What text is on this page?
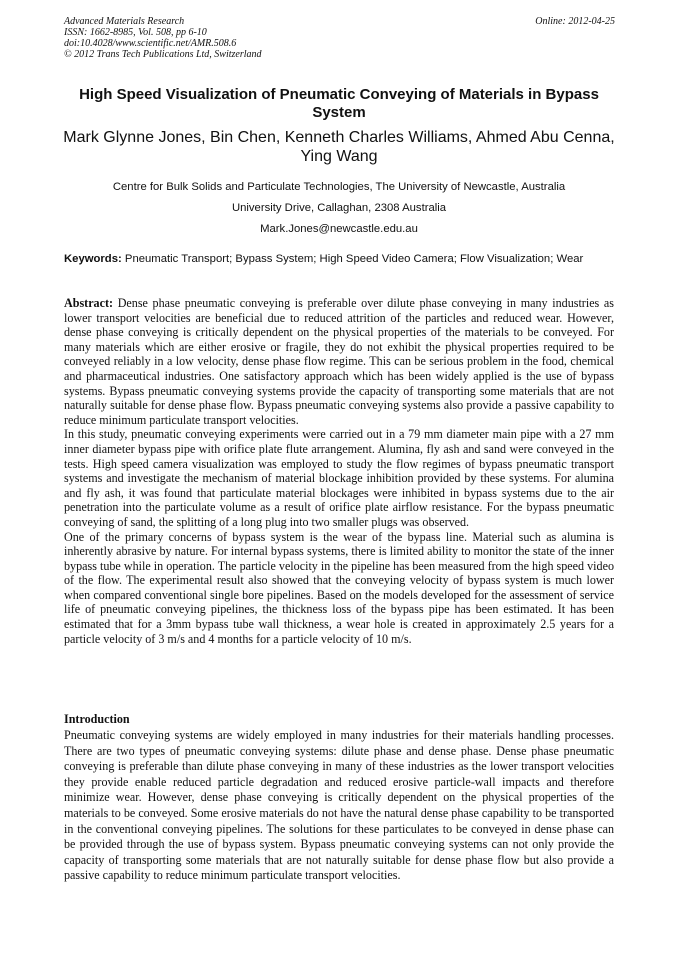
Advanced Materials Research
ISSN: 1662-8985, Vol. 508, pp 6-10
doi:10.4028/www.scientific.net/AMR.508.6
© 2012 Trans Tech Publications Ltd, Switzerland
Online: 2012-04-25
High Speed Visualization of Pneumatic Conveying of Materials in Bypass System
Mark Glynne Jones, Bin Chen, Kenneth Charles Williams, Ahmed Abu Cenna, Ying Wang
Centre for Bulk Solids and Particulate Technologies, The University of Newcastle, Australia
University Drive, Callaghan, 2308 Australia
Mark.Jones@newcastle.edu.au
Keywords: Pneumatic Transport; Bypass System; High Speed Video Camera; Flow Visualization; Wear

Abstract: Dense phase pneumatic conveying is preferable over dilute phase conveying in many industries as lower transport velocities are beneficial due to reduced attrition of the particles and reduced wear. However, dense phase conveying is critically dependent on the physical properties of the materials to be conveyed. For many materials which are either erosive or fragile, they do not exhibit the physical properties required to be conveyed reliably in a low velocity, dense phase flow regime. This can be serious problem in the food, chemical and pharmaceutical industries. One satisfactory approach which has been widely applied is the use of bypass systems. Bypass pneumatic conveying systems provide the capacity of transporting some materials that are not naturally suitable for dense phase flow. Bypass pneumatic conveying systems also provide a passive capability to reduce minimum particulate transport velocities.

In this study, pneumatic conveying experiments were carried out in a 79 mm diameter main pipe with a 27 mm inner diameter bypass pipe with orifice plate flute arrangement. Alumina, fly ash and sand were conveyed in the tests. High speed camera visualization was employed to study the flow regimes of bypass pneumatic transport systems and investigate the mechanism of material blockage inhibition provided by these systems. For alumina and fly ash, it was found that particulate material blockages were inhibited in bypass systems due to the air penetration into the particulate volume as a result of orifice plate airflow resistance. For the bypass pneumatic conveying of sand, the splitting of a long plug into two smaller plugs was observed.

One of the primary concerns of bypass system is the wear of the bypass line. Material such as alumina is inherently abrasive by nature. For internal bypass systems, there is limited ability to monitor the state of the inner bypass tube while in operation. The particle velocity in the pipeline has been measured from the high speed video of the flow. The experimental result also showed that the conveying velocity of bypass system is much lower when compared conventional single bore pipelines. Based on the models developed for the assessment of service life of pneumatic conveying pipelines, the thickness loss of the bypass pipe has been estimated. It has been estimated that for a 3mm bypass tube wall thickness, a wear hole is created in approximately 2.5 years for a particle velocity of 3 m/s and 4 months for a particle velocity of 10 m/s.

Introduction

Pneumatic conveying systems are widely employed in many industries for their materials handling processes. There are two types of pneumatic conveying systems: dilute phase and dense phase. Dense phase pneumatic conveying is preferable than dilute phase conveying in many of these industries as the lower transport velocities they provide enable reduced particle degradation and reduced erosive particle-wall impacts and therefore minimize wear. However, dense phase conveying is critically dependent on the physical properties of the materials to be conveyed. Some erosive materials do not have the natural dense phase capability to be transported in the conventional conveying pipelines. The solutions for these particulates to be conveyed in dense phase can be provided through the use of bypass system. Bypass pneumatic conveying systems can not only provide the capacity of transporting some materials that are not naturally suitable for dense phase flow but also provide a passive capability to reduce minimum particulate transport velocities.
